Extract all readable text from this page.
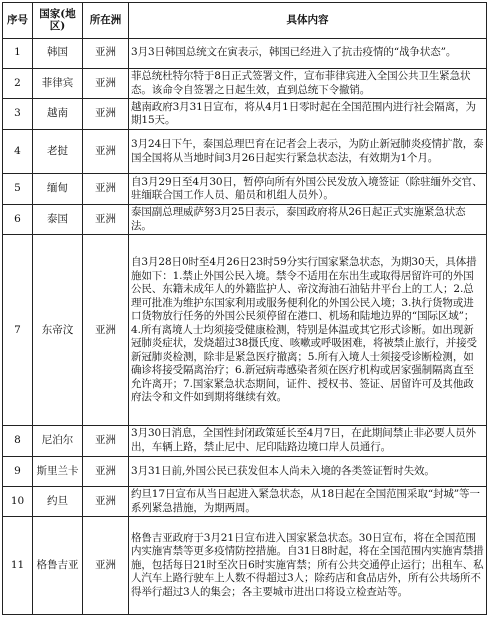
序号	国家(地区)	所在洲	具体内容
1	韩国	亚洲	3月3日韩国总统文在寅表示，韩国已经进入了抗击疫情的“战争状态”。
2	菲律宾	亚洲	菲总统杜特尔特于8日正式签署文件，宣布菲律宾进入全国公共卫生紧急状态。该命令自签署之日起生效，直到总统下令撤销。
3	越南	亚洲	越南政府3月31日宣布，将从4月1日零时起在全国范围内进行社会隔离，为期15天。
4	老挝	亚洲	3月24日下午，泰国总理巴育在记者会上表示，为防止新冠肺炎疫情扩散，泰国全国将从当地时间3月26日起实行紧急状态法，有效期为1个月。
5	缅甸	亚洲	自3月29日至4月30日，暂停向所有外国公民发放入境签证（除驻缅外交官、驻缅联合国工作人员、船员和机组人员外）。
6	泰国	亚洲	泰国副总理威萨努3月25日表示，泰国政府将从26日起正式实施紧急状态法。
7	东帝汶	亚洲	自3月28日0时至4月26日23时59分实行国家紧急状态，为期30天，具体措施如下：1.禁止外国公民入境。禁令不适用在东出生或取得居留许可的外国公民、东籍未成年人的外籍监护人、帝汶海油石油钻井平台上的工人；2.总理可批准为维护东国家利用或服务便利化的外国公民入境；3.执行货物或进口货物放行任务的外国公民须停留在港口、机场和陆地边界的“国际区域”；4.所有离境人士均须接受健康检测，特别是体温或其它形式诊断。如出现新冠肺炎症状，发烧超过38摄氏度、咳嗽或呼吸困难，将被禁止旅行，并接受新冠肺炎检测，除非是紧急医疗撤离；5.所有入境人士须接受诊断检测，如确诊将接受隔离治疗；6.新冠病毒感染者须在医疗机构或居家强制隔离直至允许离开；7.国家紧急状态期间，证件、授权书、签证、居留许可及其他政府法令和文件如到期将继续有效。
8	尼泊尔	亚洲	3月30日消息，全国性封闭政策延长至4月7日，在此期间禁止非必要人员外出，车辆上路，禁止尼中、尼印陆路边境口岸人员通行。
9	斯里兰卡	亚洲	3月31日前,外国公民已获发但本人尚未入境的各类签证暂时失效。
10	约旦	亚洲	约旦17日宣布从当日起进入紧急状态，从18日起在全国范围采取“封城”等一系列紧急措施，为期两周。
11	格鲁吉亚	亚洲	格鲁吉亚政府于3月21日宣布进入国家紧急状态。30日宣布，将在全国范围内实施宵禁等更多疫情防控措施。自31日8时起，将在全国范围内实施宵禁措施，包括每日21时至次日6时实施宵禁；所有公共交通停止运行；出租车、私人汽车上路行驶车上人数不得超过3人；除药店和食品店外，所有公共场所不得举行超过3人的集会；各主要城市进出口将设立检查站等。
